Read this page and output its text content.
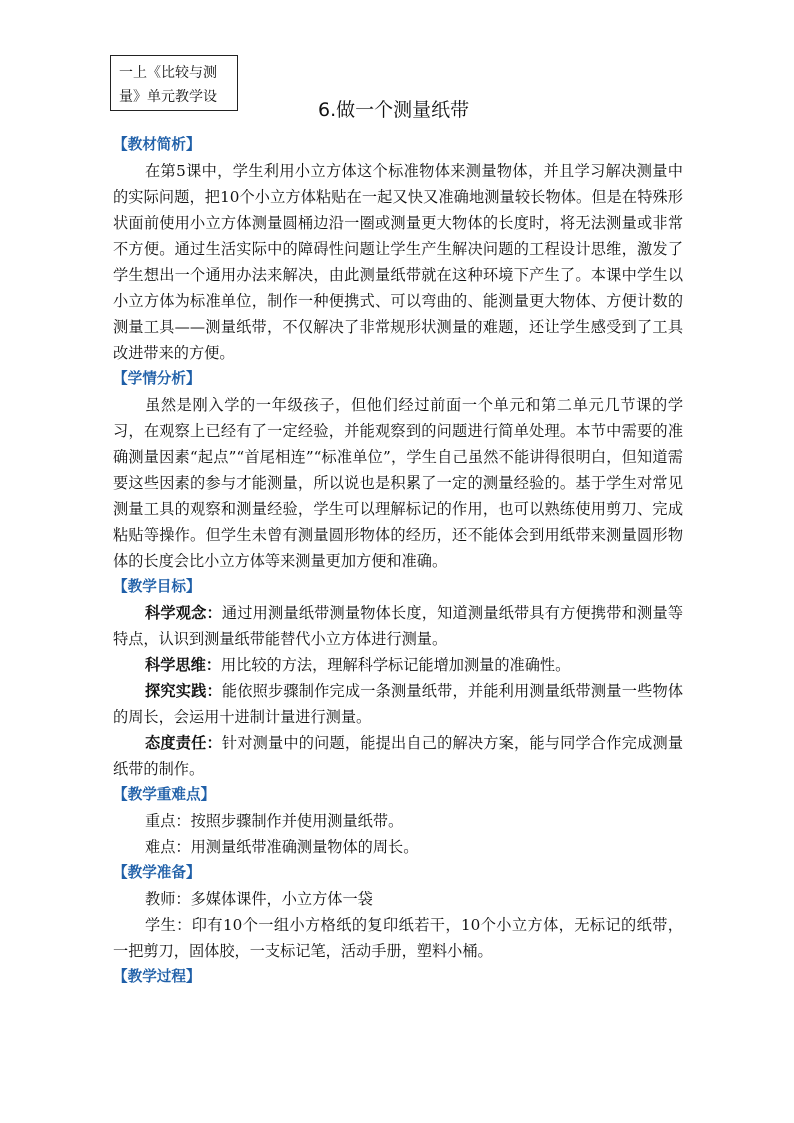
一上《比较与测
量》单元教学设
6.做一个测量纸带
【教材简析】

在第5课中，学生利用小立方体这个标准物体来测量物体，并且学习解决测量中的实际问题，把10个小立方体粘贴在一起又快又准确地测量较长物体。但是在特殊形状面前使用小立方体测量圆桶边沿一圈或测量更大物体的长度时，将无法测量或非常不方便。通过生活实际中的障碍性问题让学生产生解决问题的工程设计思维，激发了学生想出一个通用办法来解决，由此测量纸带就在这种环境下产生了。本课中学生以小立方体为标准单位，制作一种便携式、可以弯曲的、能测量更大物体、方便计数的测量工具——测量纸带，不仅解决了非常规形状测量的难题，还让学生感受到了工具改进带来的方便。

【学情分析】

虽然是刚入学的一年级孩子，但他们经过前面一个单元和第二单元几节课的学习，在观察上已经有了一定经验，并能观察到的问题进行简单处理。本节中需要的准确测量因素“起点”“首尾相连”“标准单位”，学生自己虽然不能讲得很明白，但知道需要这些因素的参与才能测量，所以说也是积累了一定的测量经验的。基于学生对常见测量工具的观察和测量经验，学生可以理解标记的作用，也可以熟练使用剪刀、完成粘贴等操作。但学生未曾有测量圆形物体的经历，还不能体会到用纸带来测量圆形物体的长度会比小立方体等来测量更加方便和准确。

【教学目标】

科学观念：通过用测量纸带测量物体长度，知道测量纸带具有方便携带和测量等特点，认识到测量纸带能替代小立方体进行测量。

科学思维：用比较的方法，理解科学标记能增加测量的准确性。

探究实践：能依照步骤制作完成一条测量纸带，并能利用测量纸带测量一些物体的周长，会运用十进制计量进行测量。

态度责任：针对测量中的问题，能提出自己的解决方案，能与同学合作完成测量纸带的制作。

【教学重难点】

重点：按照步骤制作并使用测量纸带。

难点：用测量纸带准确测量物体的周长。

【教学准备】

教师：多媒体课件，小立方体一袋

学生：印有10个一组小方格纸的复印纸若干，10个小立方体，无标记的纸带，一把剪刀，固体胶，一支标记笔，活动手册，塑料小桶。

【教学过程】
